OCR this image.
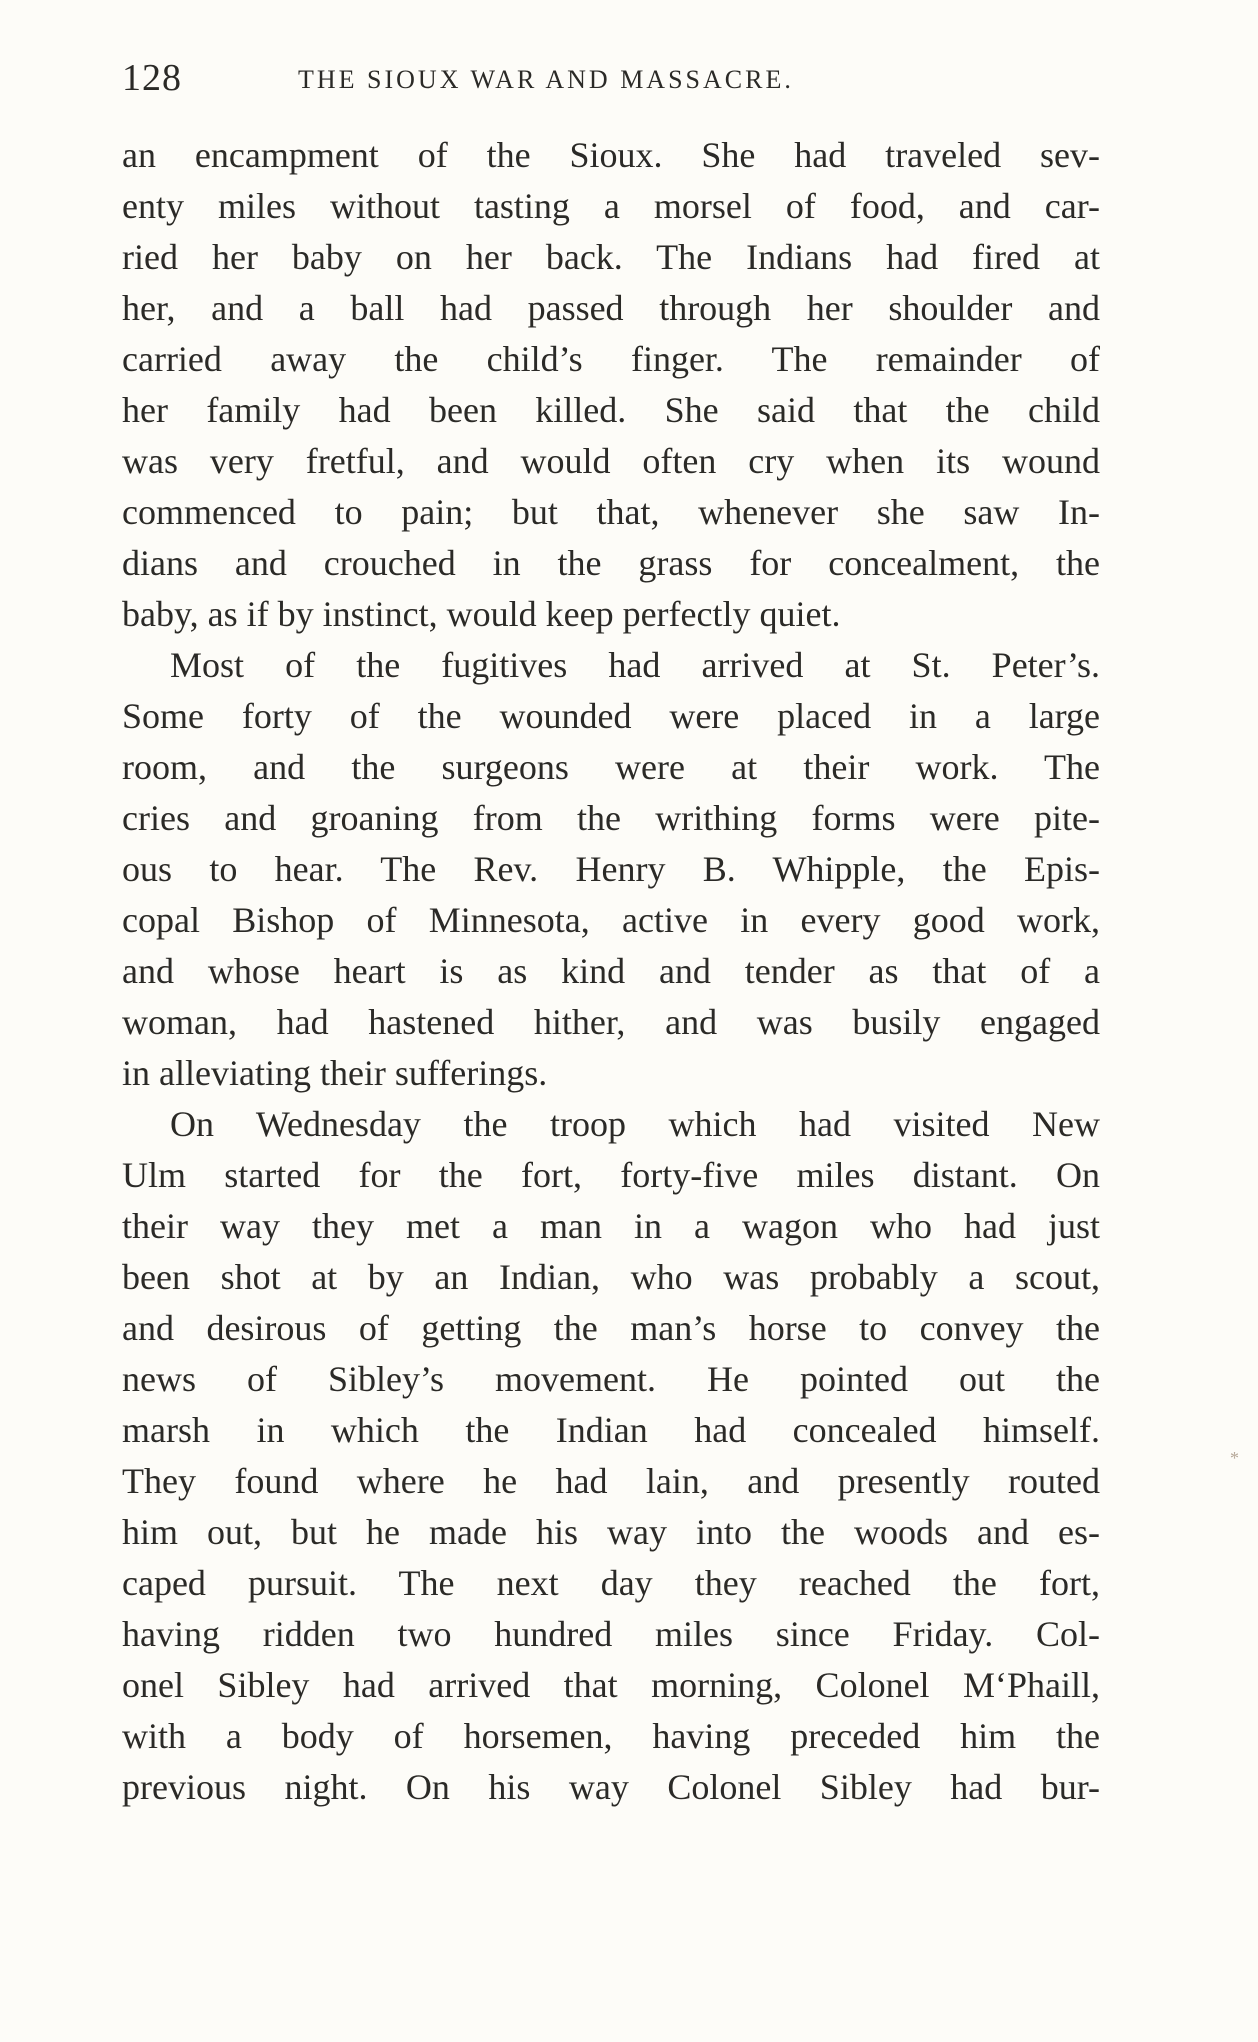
128	THE SIOUX WAR AND MASSACRE.
an encampment of the Sioux. She had traveled sev-
enty miles without tasting a morsel of food, and car-
ried her baby on her back. The Indians had fired at
her, and a ball had passed through her shoulder and
carried away the child’s finger. The remainder of
her family had been killed. She said that the child
was very fretful, and would often cry when its wound
commenced to pain; but that, whenever she saw In-
dians and crouched in the grass for concealment, the
baby, as if by instinct, would keep perfectly quiet.
Most of the fugitives had arrived at St. Peter’s.
Some forty of the wounded were placed in a large
room, and the surgeons were at their work. The
cries and groaning from the writhing forms were pite-
ous to hear. The Rev. Henry B. Whipple, the Epis-
copal Bishop of Minnesota, active in every good work,
and whose heart is as kind and tender as that of a
woman, had hastened hither, and was busily engaged
in alleviating their sufferings.
On Wednesday the troop which had visited New
Ulm started for the fort, forty-five miles distant. On
their way they met a man in a wagon who had just
been shot at by an Indian, who was probably a scout,
and desirous of getting the man’s horse to convey the
news of Sibley’s movement. He pointed out the
marsh in which the Indian had concealed himself.
They found where he had lain, and presently routed
him out, but he made his way into the woods and es-
caped pursuit. The next day they reached the fort,
having ridden two hundred miles since Friday. Col-
onel Sibley had arrived that morning, Colonel M‘Phaill,
with a body of horsemen, having preceded him the
previous night. On his way Colonel Sibley had bur-
*
